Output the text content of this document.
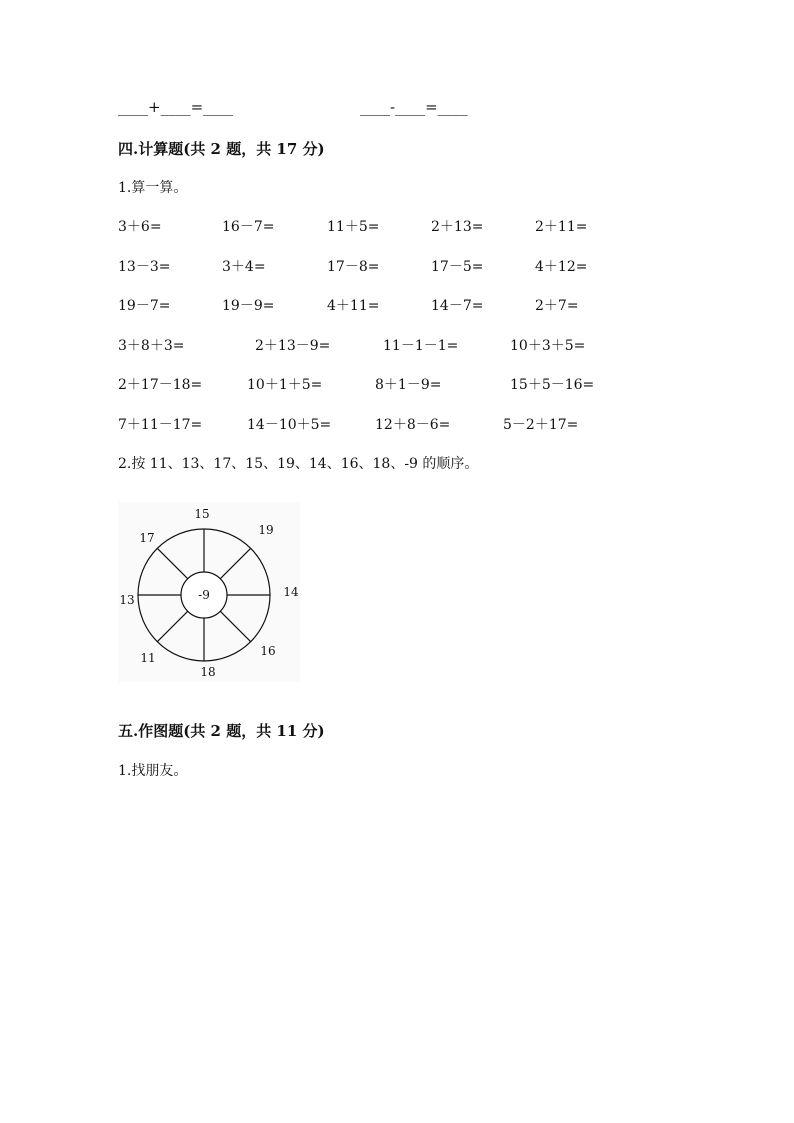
____+____=____	____-____=____
四.计算题(共 2 题，共 17 分)
1.算一算。
3＋6=	16－7=	11＋5=	2＋13=	2＋11=
13－3=	3＋4=	17－8=	17－5=	4＋12=
19－7=	19－9=	4＋11=	14－7=	2＋7=
3＋8＋3=	2＋13－9=	11－1－1=	10＋3＋5=
2＋17－18=	10＋1＋5=	8＋1－9=	15＋5－16=
7＋11－17=	14－10＋5=	12＋8－6=	5－2＋17=
2.按 11、13、17、15、19、14、16、18、-9 的顺序。
-9
15
19
14
16
18
11
13
17
五.作图题(共 2 题，共 11 分)
1.找朋友。
